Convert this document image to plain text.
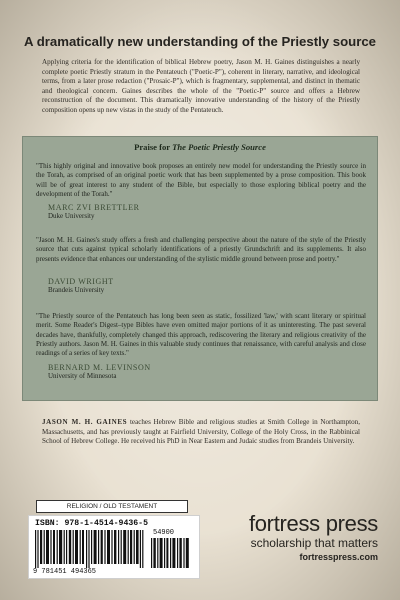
A dramatically new understanding of the Priestly source

Applying criteria for the identification of biblical Hebrew poetry, Jason M. H. Gaines distinguishes a nearly complete poetic Priestly stratum in the Pentateuch ("Poetic-P"), coherent in literary, narrative, and ideological terms, from a later prose redaction ("Prosaic-P"), which is fragmentary, supplemental, and distinct in thematic and theological concern. Gaines describes the whole of the "Poetic-P" source and offers a Hebrew reconstruction of the document. This dramatically innovative understanding of the history of the Priestly composition opens up new vistas in the study of the Pentateuch.

Praise for The Poetic Priestly Source

"This highly original and innovative book proposes an entirely new model for understanding the Priestly source in the Torah, as comprised of an original poetic work that has been supplemented by a prose composition. This book will be of great interest to any student of the Bible, but especially to those exploring biblical poetry and the development of the Torah."
MARC ZVI BRETTLER
Duke University
"Jason M. H. Gaines's study offers a fresh and challenging perspective about the nature of the style of the Priestly source that cuts against typical scholarly identifications of a priestly Grundschrift and its supplements. It also presents evidence that enhances our understanding of the stylistic middle ground between prose and poetry."
DAVID WRIGHT
Brandeis University
"The Priestly source of the Pentateuch has long been seen as static, fossilized 'law,' with scant literary or spiritual merit. Some Reader's Digest–type Bibles have even omitted major portions of it as uninteresting. The past several decades have, thankfully, completely changed this approach, rediscovering the literary and religious creativity of the Priestly authors. Jason M. H. Gaines in this valuable study continues that renaissance, with careful analysis and close readings of a series of key texts."
BERNARD M. LEVINSON
University of Minnesota

JASON M. H. GAINES teaches Hebrew Bible and religious studies at Smith College in Northampton, Massachusetts, and has previously taught at Fairfield University, College of the Holy Cross, in the Rabbinical School of Hebrew College. He received his PhD in Near Eastern and Judaic studies from Brandeis University.

RELIGION / OLD TESTAMENT

ISBN: 978-1-4514-9436-5

54900

9 781451 494365

fortress press
scholarship that matters
fortresspress.com
